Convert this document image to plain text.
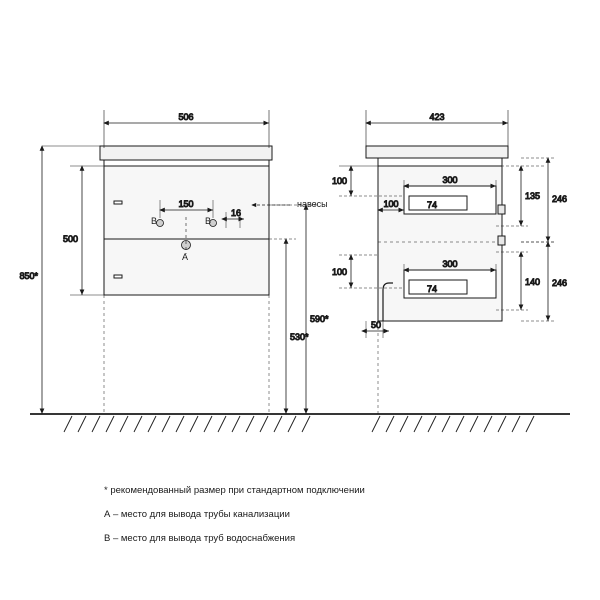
506
150
16
500
850*
590*
530*
423
100
100
300
74
135 246
100
300
74
140 246
50
B	B
A
навесы
* рекомендованный размер при стандартном подключении
А – место для вывода трубы канализации
В – место для вывода труб водоснабжения
